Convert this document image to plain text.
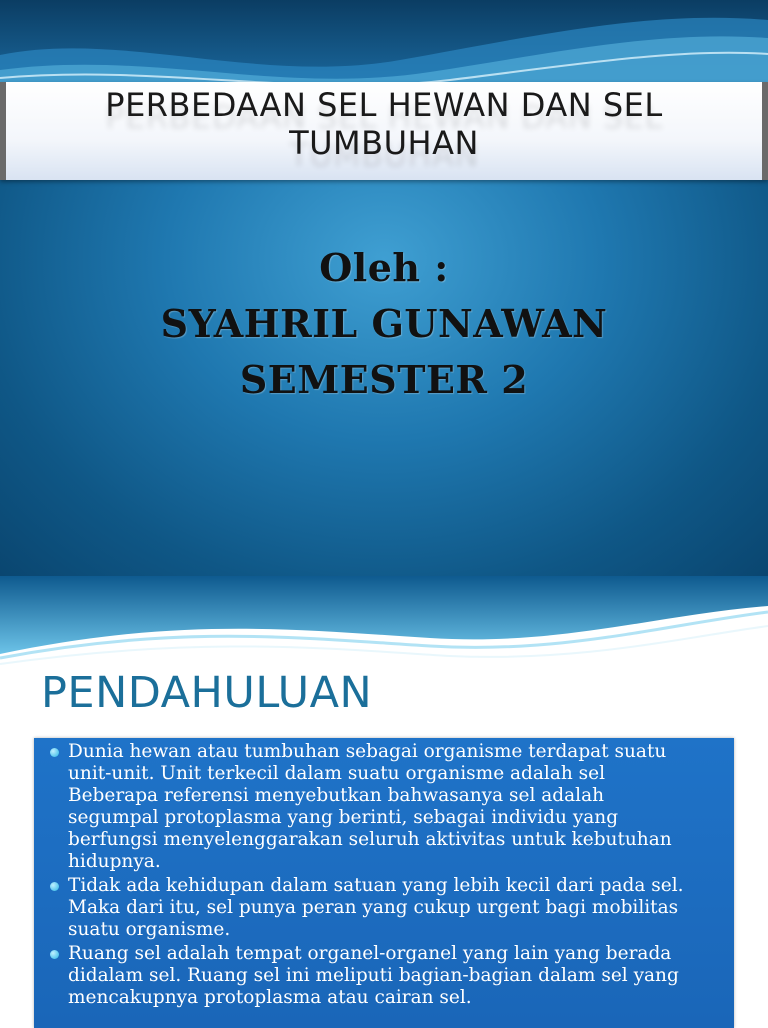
PERBEDAAN SEL HEWAN DAN SEL
TUMBUHAN
Oleh :
SYAHRIL GUNAWAN
SEMESTER 2
PENDAHULUAN
Dunia hewan atau tumbuhan sebagai organisme terdapat suatu
unit-unit. Unit terkecil dalam suatu organisme adalah sel
Beberapa referensi menyebutkan bahwasanya sel adalah
segumpal protoplasma yang berinti, sebagai individu yang
berfungsi menyelenggarakan seluruh aktivitas untuk kebutuhan
hidupnya.
Tidak ada kehidupan dalam satuan yang lebih kecil dari pada sel.
Maka dari itu, sel punya peran yang cukup urgent bagi mobilitas
suatu organisme.
Ruang sel adalah tempat organel-organel yang lain yang berada
didalam sel. Ruang sel ini meliputi bagian-bagian dalam sel yang
mencakupnya protoplasma atau cairan sel.
